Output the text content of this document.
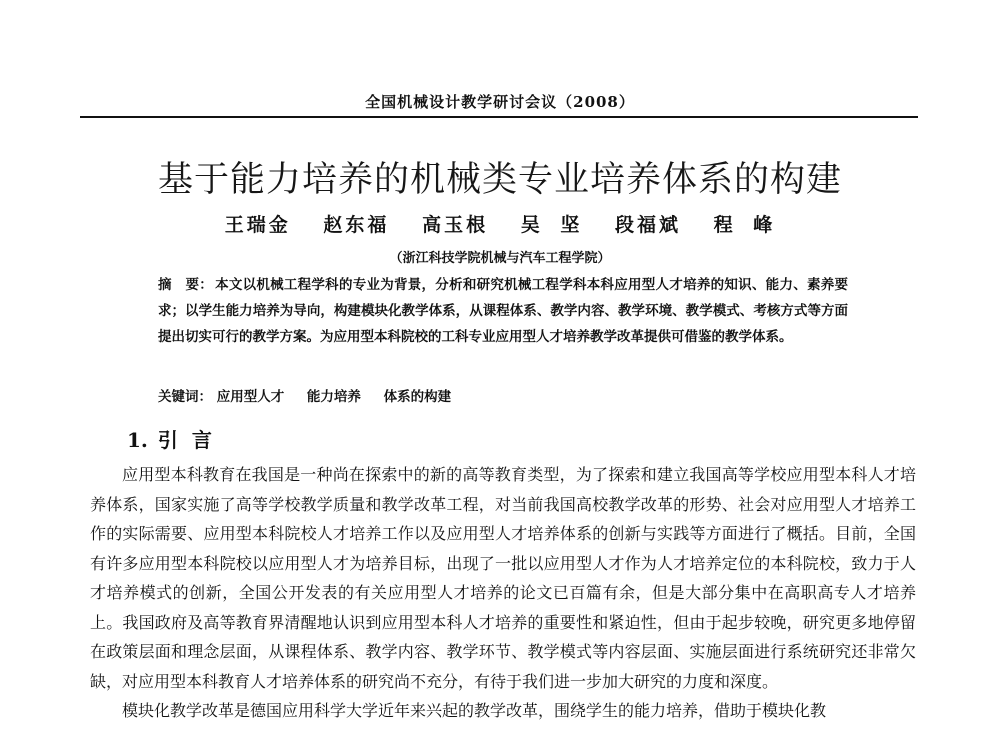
全国机械设计教学研讨会议（2008）
基于能力培养的机械类专业培养体系的构建
王瑞金 赵东福 高玉根 吴 坚 段福斌 程 峰
（浙江科技学院机械与汽车工程学院）
摘　要： 本文以机械工程学科的专业为背景，分析和研究机械工程学科本科应用型人才培养的知识、能力、素养要求；以学生能力培养为导向，构建模块化教学体系，从课程体系、教学内容、教学环境、教学模式、考核方式等方面提出切实可行的教学方案。为应用型本科院校的工科专业应用型人才培养教学改革提供可借鉴的教学体系。
关键词： 应用型人才 能力培养 体系的构建
1. 引言

应用型本科教育在我国是一种尚在探索中的新的高等教育类型，为了探索和建立我国高等学校应用型本科人才培养体系，国家实施了高等学校教学质量和教学改革工程，对当前我国高校教学改革的形势、社会对应用型人才培养工作的实际需要、应用型本科院校人才培养工作以及应用型人才培养体系的创新与实践等方面进行了概括。目前，全国有许多应用型本科院校以应用型人才为培养目标，出现了一批以应用型人才作为人才培养定位的本科院校，致力于人才培养模式的创新，全国公开发表的有关应用型人才培养的论文已百篇有余，但是大部分集中在高职高专人才培养上。我国政府及高等教育界清醒地认识到应用型本科人才培养的重要性和紧迫性，但由于起步较晚，研究更多地停留在政策层面和理念层面，从课程体系、教学内容、教学环节、教学模式等内容层面、实施层面进行系统研究还非常欠缺，对应用型本科教育人才培养体系的研究尚不充分，有待于我们进一步加大研究的力度和深度。

模块化教学改革是德国应用科学大学近年来兴起的教学改革，围绕学生的能力培养，借助于模块化教
